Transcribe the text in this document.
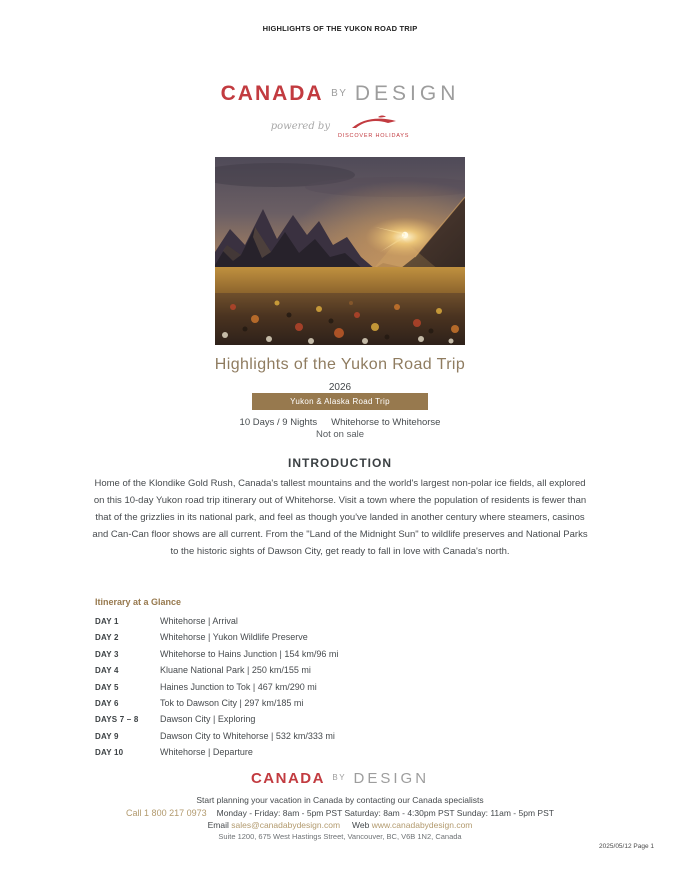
HIGHLIGHTS OF THE YUKON ROAD TRIP
CANADA $^{BY}$ DESIGN
powered by
DISCOVER HOLIDAYS
Highlights of the Yukon Road Trip
2026
Yukon & Alaska Road Trip
10 Days / 9 Nights Whitehorse to Whitehorse
Not on sale
INTRODUCTION
Home of the Klondike Gold Rush, Canada's tallest mountains and the world's largest non-polar ice fields, all explored on this 10-day Yukon road trip itinerary out of Whitehorse. Visit a town where the population of residents is fewer than that of the grizzlies in its national park, and feel as though you've landed in another century where steamers, casinos and Can-Can floor shows are all current. From the "Land of the Midnight Sun" to wildlife preserves and National Parks to the historic sights of Dawson City, get ready to fall in love with Canada's north.
Itinerary at a Glance
DAY 1	Whitehorse | Arrival
DAY 2	Whitehorse | Yukon Wildlife Preserve
DAY 3	Whitehorse to Hains Junction | 154 km/96 mi
DAY 4	Kluane National Park | 250 km/155 mi
DAY 5	Haines Junction to Tok | 467 km/290 mi
DAY 6	Tok to Dawson City | 297 km/185 mi
DAYS 7 – 8 Dawson City | Exploring
DAY 9	Dawson City to Whitehorse | 532 km/333 mi
DAY 10	Whitehorse | Departure
CANADA BY DESIGN
Start planning your vacation in Canada by contacting our Canada specialists
Call 1 800 217 0973 Monday - Friday: 8am - 5pm PST Saturday: 8am - 4:30pm PST Sunday: 11am - 5pm PST
Email sales@canadabydesign.com Web www.canadabydesign.com
Suite 1200, 675 West Hastings Street, Vancouver, BC, V6B 1N2, Canada
2025/05/12 Page 1
